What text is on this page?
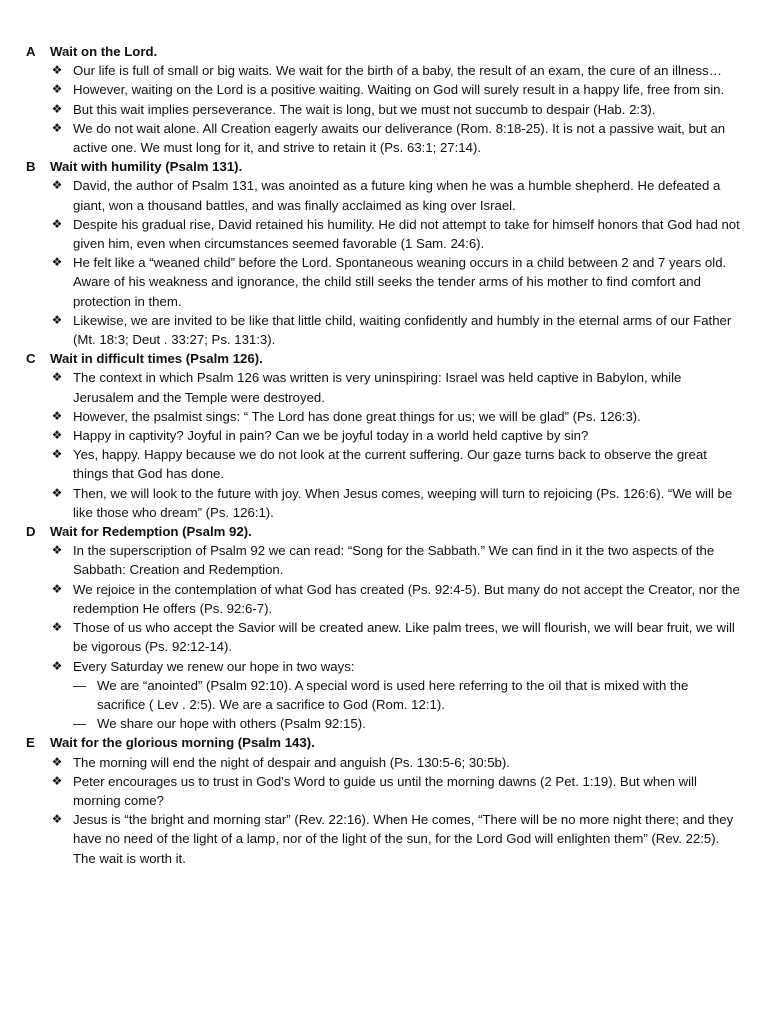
A	Wait on the Lord.
❖ Our life is full of small or big waits. We wait for the birth of a baby, the result of an exam, the cure of an illness…
❖ However, waiting on the Lord is a positive waiting. Waiting on God will surely result in a happy life, free from sin.
❖ But this wait implies perseverance. The wait is long, but we must not succumb to despair (Hab. 2:3).
❖ We do not wait alone. All Creation eagerly awaits our deliverance (Rom. 8:18-25). It is not a passive wait, but an active one. We must long for it, and strive to retain it (Ps. 63:1; 27:14).
B	Wait with humility (Psalm 131).
❖ David, the author of Psalm 131, was anointed as a future king when he was a humble shepherd. He defeated a giant, won a thousand battles, and was finally acclaimed as king over Israel.
❖ Despite his gradual rise, David retained his humility. He did not attempt to take for himself honors that God had not given him, even when circumstances seemed favorable (1 Sam. 24:6).
❖ He felt like a “weaned child” before the Lord. Spontaneous weaning occurs in a child between 2 and 7 years old. Aware of his weakness and ignorance, the child still seeks the tender arms of his mother to find comfort and protection in them.
❖ Likewise, we are invited to be like that little child, waiting confidently and humbly in the eternal arms of our Father (Mt. 18:3; Deut . 33:27; Ps. 131:3).
C	Wait in difficult times (Psalm 126).
❖ The context in which Psalm 126 was written is very uninspiring: Israel was held captive in Babylon, while Jerusalem and the Temple were destroyed.
❖ However, the psalmist sings: “ The Lord has done great things for us; we will be glad” (Ps. 126:3).
❖ Happy in captivity? Joyful in pain? Can we be joyful today in a world held captive by sin?
❖ Yes, happy. Happy because we do not look at the current suffering. Our gaze turns back to observe the great things that God has done.
❖ Then, we will look to the future with joy. When Jesus comes, weeping will turn to rejoicing (Ps. 126:6). “We will be like those who dream” (Ps. 126:1).
D	Wait for Redemption (Psalm 92).
❖ In the superscription of Psalm 92 we can read: “Song for the Sabbath.” We can find in it the two aspects of the Sabbath: Creation and Redemption.
❖ We rejoice in the contemplation of what God has created (Ps. 92:4-5). But many do not accept the Creator, nor the redemption He offers (Ps. 92:6-7).
❖ Those of us who accept the Savior will be created anew. Like palm trees, we will flourish, we will bear fruit, we will be vigorous (Ps. 92:12-14).
❖ Every Saturday we renew our hope in two ways:
— We are “anointed” (Psalm 92:10). A special word is used here referring to the oil that is mixed with the sacrifice ( Lev . 2:5). We are a sacrifice to God (Rom. 12:1).
— We share our hope with others (Psalm 92:15).
E	Wait for the glorious morning (Psalm 143).
❖ The morning will end the night of despair and anguish (Ps. 130:5-6; 30:5b).
❖ Peter encourages us to trust in God's Word to guide us until the morning dawns (2 Pet. 1:19). But when will morning come?
❖ Jesus is “the bright and morning star” (Rev. 22:16). When He comes, “There will be no more night there; and they have no need of the light of a lamp, nor of the light of the sun, for the Lord God will enlighten them” (Rev. 22:5). The wait is worth it.
